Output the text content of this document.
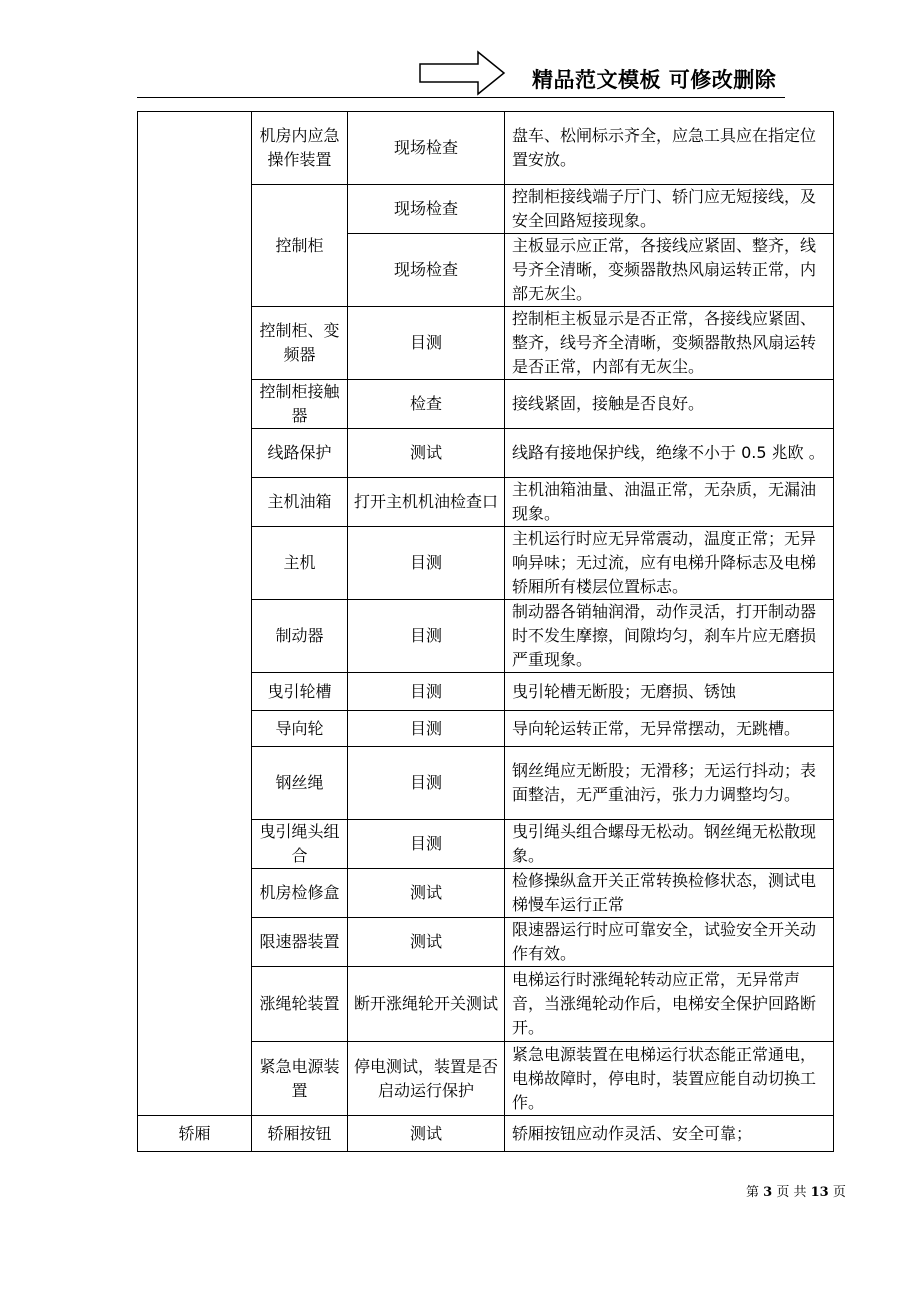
精品范文模板 可修改删除
	机房内应急操作装置	现场检查	盘车、松闸标示齐全，应急工具应在指定位置安放。
	控制柜	现场检查	控制柜接线端子厅门、轿门应无短接线，及安全回路短接现象。
		现场检查	主板显示应正常，各接线应紧固、整齐，线号齐全清晰，变频器散热风扇运转正常，内部无灰尘。
	控制柜、变频器	目测	控制柜主板显示是否正常，各接线应紧固、整齐，线号齐全清晰，变频器散热风扇运转是否正常，内部有无灰尘。
	控制柜接触器	检查	接线紧固，接触是否良好。
	线路保护	测试	线路有接地保护线，绝缘不小于 0.5 兆欧 。
	主机油箱	打开主机机油检查口	主机油箱油量、油温正常，无杂质，无漏油现象。
	主机	目测	主机运行时应无异常震动，温度正常；无异响异味；无过流，应有电梯升降标志及电梯轿厢所有楼层位置标志。
	制动器	目测	制动器各销轴润滑，动作灵活，打开制动器时不发生摩擦，间隙均匀，刹车片应无磨损严重现象。
	曳引轮槽	目测	曳引轮槽无断股；无磨损、锈蚀
	导向轮	目测	导向轮运转正常，无异常摆动，无跳槽。
	钢丝绳	目测	钢丝绳应无断股；无滑移；无运行抖动；表面整洁，无严重油污，张力力调整均匀。
	曳引绳头组合	目测	曳引绳头组合螺母无松动。钢丝绳无松散现象。
	机房检修盒	测试	检修操纵盒开关正常转换检修状态，测试电梯慢车运行正常
	限速器装置	测试	限速器运行时应可靠安全，试验安全开关动作有效。
	涨绳轮装置	断开涨绳轮开关测试	电梯运行时涨绳轮转动应正常，无异常声音，当涨绳轮动作后，电梯安全保护回路断开。
	紧急电源装置	停电测试，装置是否启动运行保护	紧急电源装置在电梯运行状态能正常通电，电梯故障时，停电时，装置应能自动切换工作。
轿厢	轿厢按钮	测试	轿厢按钮应动作灵活、安全可靠；
第 3 页 共 13 页
